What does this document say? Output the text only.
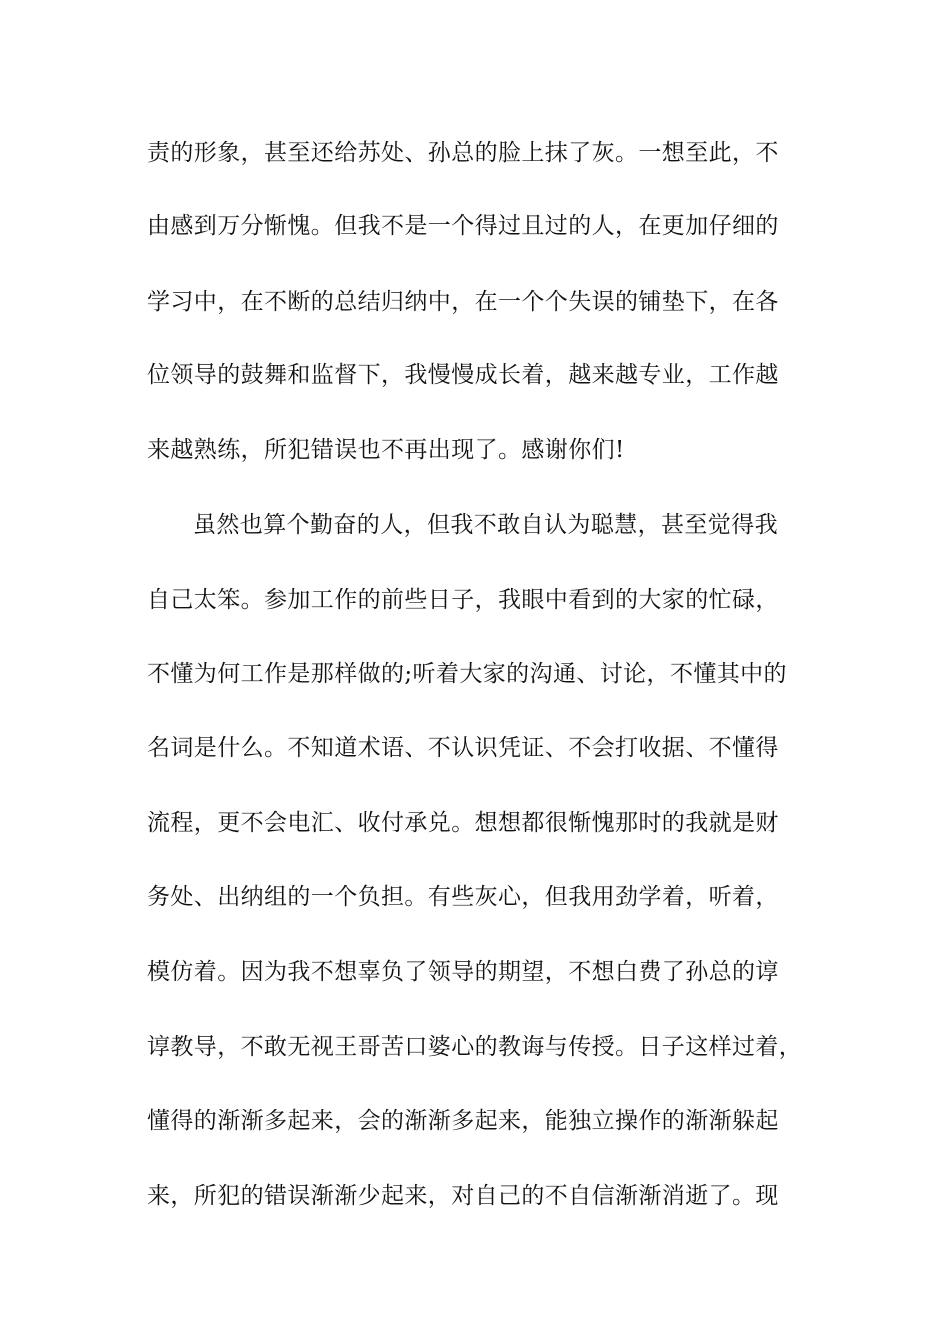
责的形象，甚至还给苏处、孙总的脸上抹了灰。一想至此，不
由感到万分惭愧。但我不是一个得过且过的人，在更加仔细的
学习中，在不断的总结归纳中，在一个个失误的铺垫下，在各
位领导的鼓舞和监督下，我慢慢成长着，越来越专业，工作越
来越熟练，所犯错误也不再出现了。感谢你们!
虽然也算个勤奋的人，但我不敢自认为聪慧，甚至觉得我
自己太笨。参加工作的前些日子，我眼中看到的大家的忙碌，
不懂为何工作是那样做的;听着大家的沟通、讨论，不懂其中的
名词是什么。不知道术语、不认识凭证、不会打收据、不懂得
流程，更不会电汇、收付承兑。想想都很惭愧那时的我就是财
务处、出纳组的一个负担。有些灰心，但我用劲学着，听着，
模仿着。因为我不想辜负了领导的期望，不想白费了孙总的谆
谆教导，不敢无视王哥苦口婆心的教诲与传授。日子这样过着，
懂得的渐渐多起来，会的渐渐多起来，能独立操作的渐渐躲起
来，所犯的错误渐渐少起来，对自己的不自信渐渐消逝了。现
